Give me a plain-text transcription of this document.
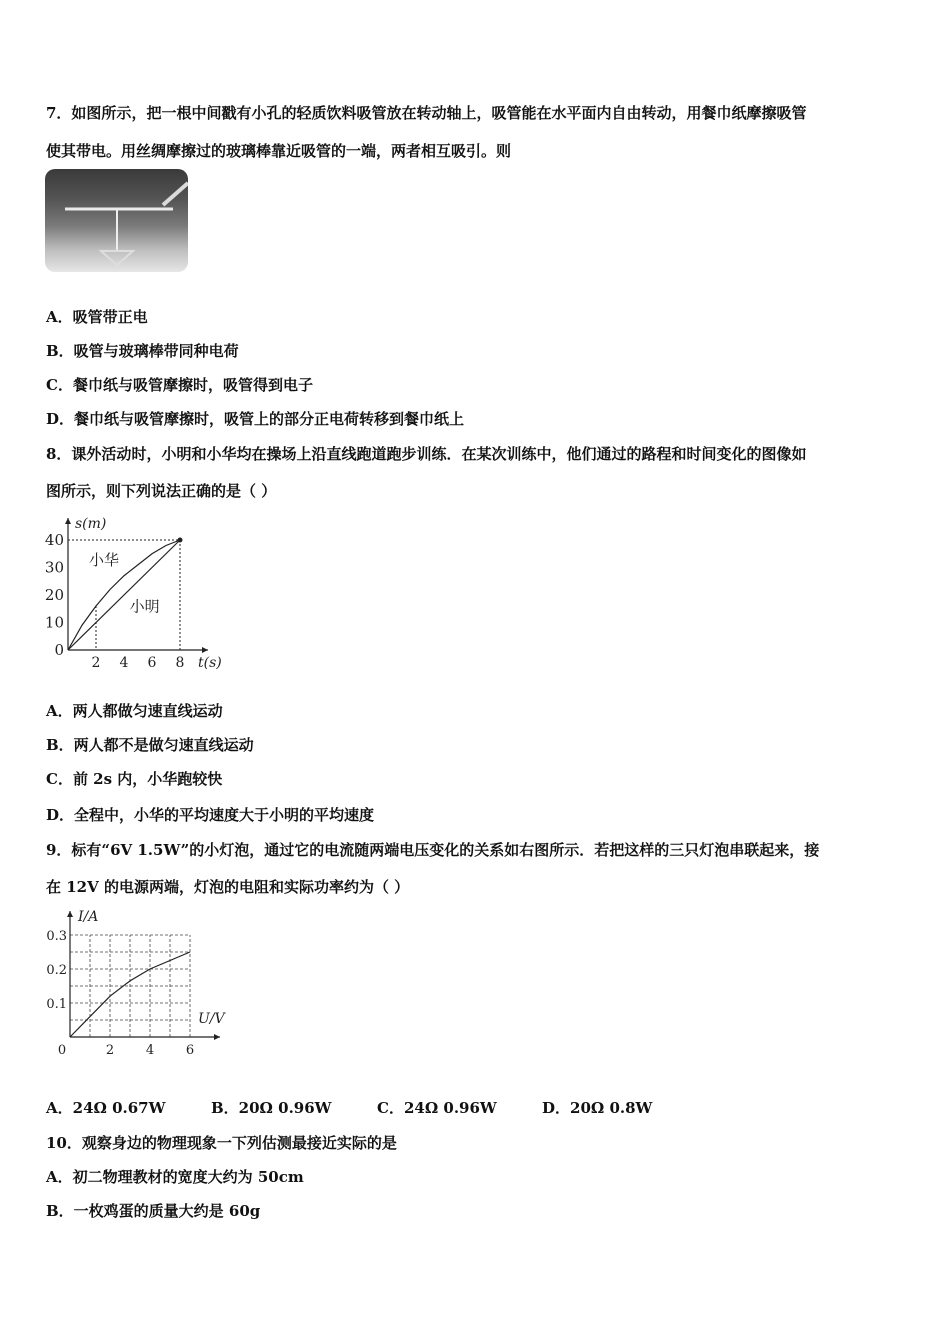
7．如图所示，把一根中间戳有小孔的轻质饮料吸管放在转动轴上，吸管能在水平面内自由转动，用餐巾纸摩擦吸管
使其带电。用丝绸摩擦过的玻璃棒靠近吸管的一端，两者相互吸引。则
A．吸管带正电
B．吸管与玻璃棒带同种电荷
C．餐巾纸与吸管摩擦时，吸管得到电子
D．餐巾纸与吸管摩擦时，吸管上的部分正电荷转移到餐巾纸上
8．课外活动时，小明和小华均在操场上沿直线跑道跑步训练．在某次训练中，他们通过的路程和时间变化的图像如
图所示，则下列说法正确的是（ ）
0
10
20
30
40
2 4 6 8 t(s)
s(m)
小华
小明
A．两人都做匀速直线运动
B．两人都不是做匀速直线运动
C．前 2s 内，小华跑较快
D．全程中，小华的平均速度大于小明的平均速度
9．标有“6V 1.5W”的小灯泡，通过它的电流随两端电压变化的关系如右图所示．若把这样的三只灯泡串联起来，接
在 12V 的电源两端，灯泡的电阻和实际功率约为（ ）
0.1
0.2
0.3
0	2 4 6
U/V
I/A
A．24Ω 0.67W	B．20Ω 0.96W	C．24Ω 0.96W	D．20Ω 0.8W
10．观察身边的物理现象一下列估测最接近实际的是
A．初二物理教材的宽度大约为 50cm
B．一枚鸡蛋的质量大约是 60g
